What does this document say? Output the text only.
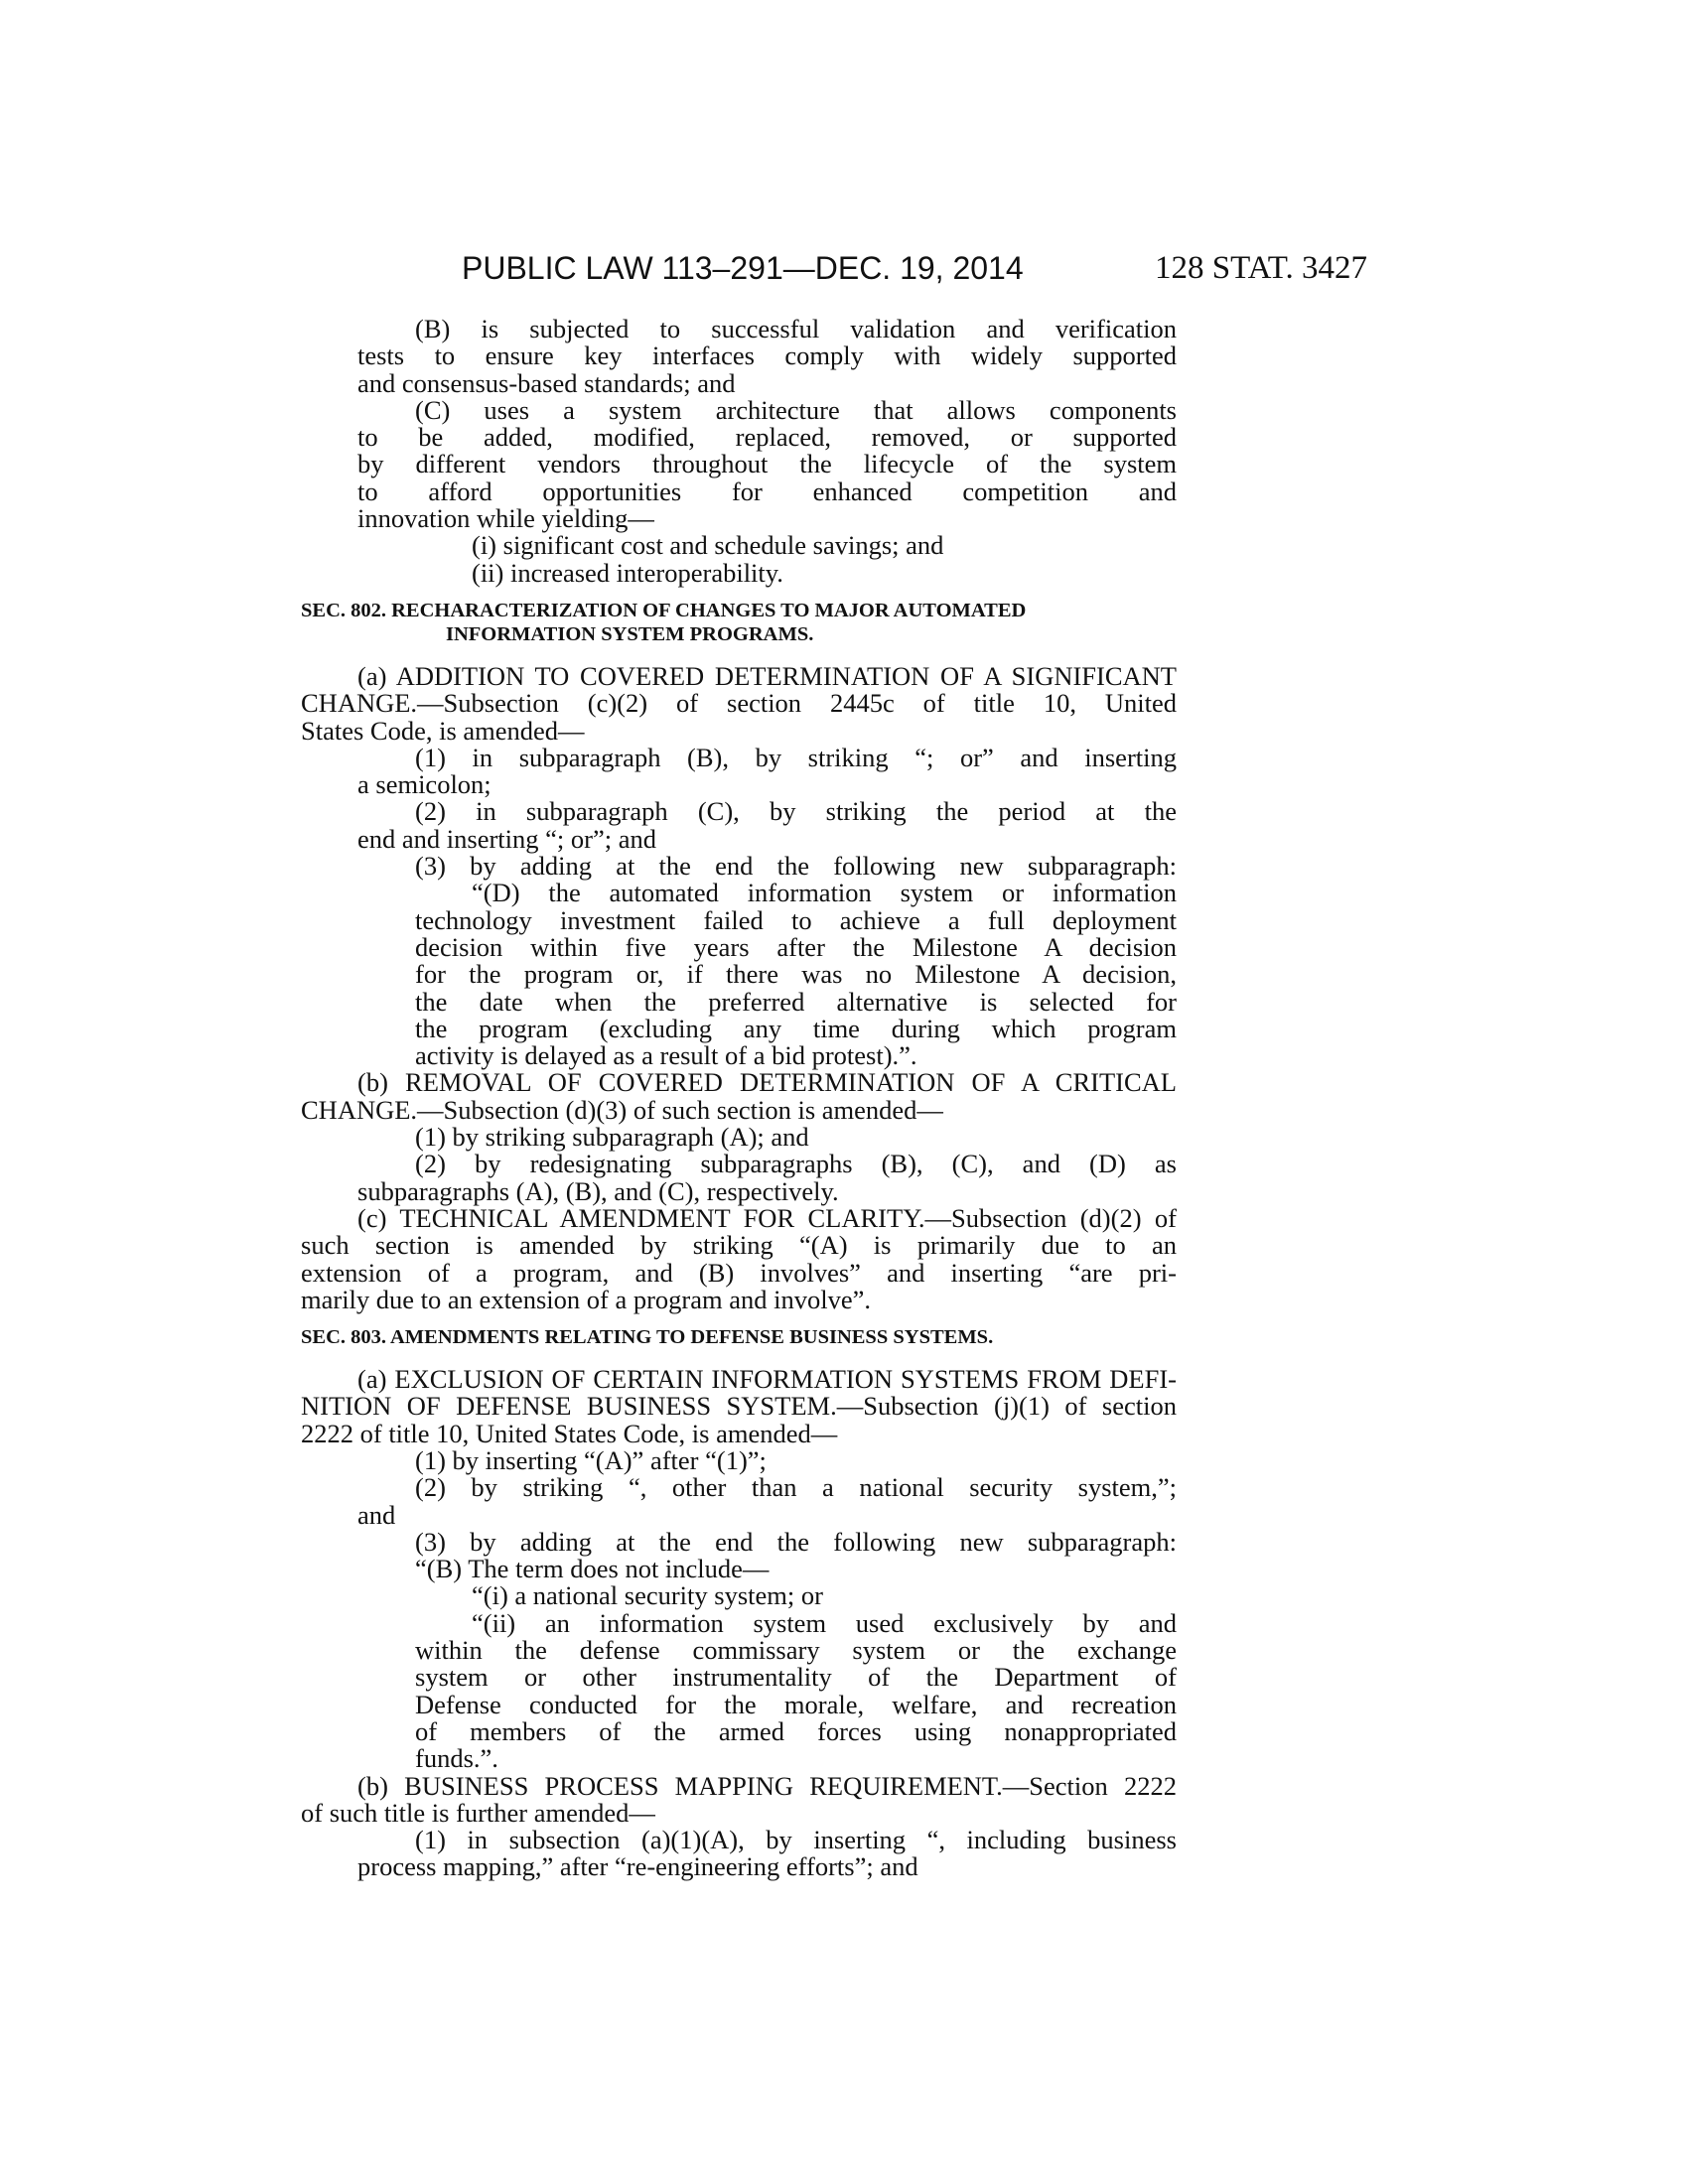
PUBLIC LAW 113–291—DEC. 19, 2014	128 STAT. 3427
(B) is subjected to successful validation and verification
tests to ensure key interfaces comply with widely supported
and consensus-based standards; and
(C) uses a system architecture that allows components
to be added, modified, replaced, removed, or supported
by different vendors throughout the lifecycle of the system
to afford opportunities for enhanced competition and
innovation while yielding—
(i) significant cost and schedule savings; and
(ii) increased interoperability.
SEC. 802. RECHARACTERIZATION OF CHANGES TO MAJOR AUTOMATED
INFORMATION SYSTEM PROGRAMS.
(a) ADDITION TO COVERED DETERMINATION OF A SIGNIFICANT
CHANGE.—Subsection (c)(2) of section 2445c of title 10, United
States Code, is amended—
(1) in subparagraph (B), by striking “; or” and inserting
a semicolon;
(2) in subparagraph (C), by striking the period at the
end and inserting “; or”; and
(3) by adding at the end the following new subparagraph:
“(D) the automated information system or information
technology investment failed to achieve a full deployment
decision within five years after the Milestone A decision
for the program or, if there was no Milestone A decision,
the date when the preferred alternative is selected for
the program (excluding any time during which program
activity is delayed as a result of a bid protest).”.
(b) REMOVAL OF COVERED DETERMINATION OF A CRITICAL
CHANGE.—Subsection (d)(3) of such section is amended—
(1) by striking subparagraph (A); and
(2) by redesignating subparagraphs (B), (C), and (D) as
subparagraphs (A), (B), and (C), respectively.
(c) TECHNICAL AMENDMENT FOR CLARITY.—Subsection (d)(2) of
such section is amended by striking “(A) is primarily due to an
extension of a program, and (B) involves” and inserting “are pri-
marily due to an extension of a program and involve”.
SEC. 803. AMENDMENTS RELATING TO DEFENSE BUSINESS SYSTEMS.
(a) EXCLUSION OF CERTAIN INFORMATION SYSTEMS FROM DEFI-
NITION OF DEFENSE BUSINESS SYSTEM.—Subsection (j)(1) of section
2222 of title 10, United States Code, is amended—
(1) by inserting “(A)” after “(1)”;
(2) by striking “, other than a national security system,”;
and
(3) by adding at the end the following new subparagraph:
“(B) The term does not include—
“(i) a national security system; or
“(ii) an information system used exclusively by and
within the defense commissary system or the exchange
system or other instrumentality of the Department of
Defense conducted for the morale, welfare, and recreation
of members of the armed forces using nonappropriated
funds.”.
(b) BUSINESS PROCESS MAPPING REQUIREMENT.—Section 2222
of such title is further amended—
(1) in subsection (a)(1)(A), by inserting “, including business
process mapping,” after “re-engineering efforts”; and
